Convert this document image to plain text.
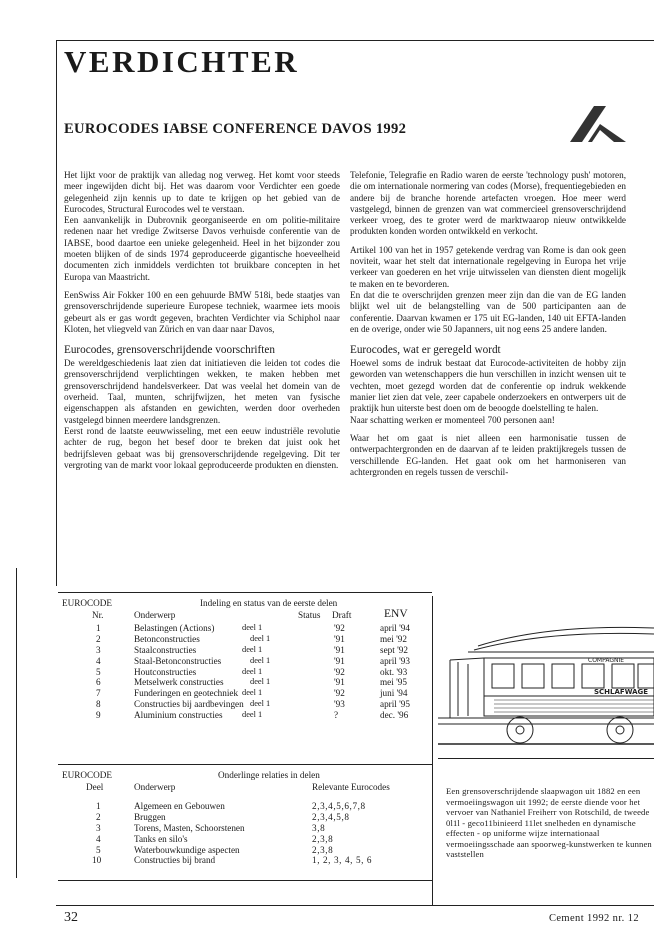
VERDICHTER
EUROCODES IABSE CONFERENCE DAVOS 1992

Het lijkt voor de praktijk van alledag nog verweg. Het komt voor steeds meer ingewijden dicht bij. Het was daarom voor Verdichter een goede gelegenheid zijn kennis up to date te krijgen op het gebied van de Eurocodes, Structural Eurocodes wel te verstaan.

Een aanvankelijk in Dubrovnik georganiseerde en om politie-militaire redenen naar het vredige Zwitserse Davos verhuisde conferentie van de IABSE, bood daartoe een unieke gelegenheid. Heel in het bijzonder zou moeten blijken of de sinds 1974 geproduceerde gigantische hoeveelheid documenten zich inmiddels verdichten tot bruikbare concepten in het Europa van Maastricht.

EenSwiss Air Fokker 100 en een gehuurde BMW 518i, bede staatjes van grensoverschrijdende superieure Europese techniek, waarmee iets moois gebeurt als er gas wordt gegeven, brachten Verdichter via Schiphol naar Kloten, het vliegveld van Zürich en van daar naar Davos,

Eurocodes, grensoverschrijdende voorschriften

De wereldgeschiedenis laat zien dat initiatieven die leiden tot codes die grensoverschrijdend verplichtingen wekken, te maken hebben met grensoverschrijdend handelsverkeer. Dat was veelal het domein van de overheid. Taal, munten, schrijfwijzen, het meten van fysische eigenschappen als afstanden en gewichten, werden door overheden vastgelegd binnen meerdere landsgrenzen.

Eerst rond de laatste eeuwwisseling, met een eeuw industriële revolutie achter de rug, begon het besef door te breken dat juist ook het bedrijfsleven gebaat was bij grensoverschrijdende regelgeving. Dit ter vergroting van de markt voor lokaal geproduceerde produkten en diensten.

Telefonie, Telegrafie en Radio waren de eerste 'technology push' motoren, die om internationale normering van codes (Morse), frequentiegebieden en andere bij de branche horende artefacten vroegen. Hoe meer werd vastgelegd, binnen de grenzen van wat commercieel grensoverschrijdend verkeer vroeg, des te groter werd de marktwaarop nieuw ontwikkelde produkten konden worden ontwikkeld en verkocht.

Artikel 100 van het in 1957 getekende verdrag van Rome is dan ook geen noviteit, waar het stelt dat internationale regelgeving in Europa het vrije verkeer van goederen en het vrije uitwisselen van diensten dient mogelijk te maken en te bevorderen.

En dat die te overschrijden grenzen meer zijn dan die van de EG landen blijkt wel uit de belangstelling van de 500 participanten aan de conferentie. Daarvan kwamen er 175 uit EG-landen, 140 uit EFTA-landen en de overige, onder wie 50 Japanners, uit nog eens 25 andere landen.

Eurocodes, wat er geregeld wordt

Hoewel soms de indruk bestaat dat Eurocode-activiteiten de hobby zijn geworden van wetenschappers die hun verschillen in inzicht wensen uit te vechten, moet gezegd worden dat de conferentie op indruk wekkende manier liet zien dat vele, zeer capabele onderzoekers en ontwerpers uit de praktijk hun uiterste best doen om de beoogde doelstelling te halen.

Naar schatting werken er momenteel 700 personen aan!

Waar het om gaat is niet alleen een harmonisatie tussen de ontwerpachtergronden en de daarvan af te leiden praktijkregels tussen de verschillende EG-landen. Het gaat ook om het harmoniseren van achtergronden en regels tussen de verschil-

EUROCODE	Indeling en status van de eerste delen
Nr.	Onderwerp	Status Draft	ENV
1	Belastingen (Actions)	deel 1	'92	april '94
2	Betonconstructies	deel 1	'91	mei '92
3	Staalconstructies	deel 1	'91	sept '92
4	Staal-Betonconstructies	deel 1	'91	april '93
5	Houtconstructies	deel 1	'92	okt. '93
6	Metselwerk constructies	deel 1	'91	mei '95
7	Funderingen en geotechniek deel 1	'92	juni '94
8	Constructies bij aardbevingen deel 1	'93	april '95
9	Aluminium constructies deel 1	?	dec. '96
EUROCODE	Onderlinge relaties in delen
Deel	Onderwerp	Relevante Eurocodes
1	Algemeen en Gebouwen	2,3,4,5,6,7,8
2	Bruggen	2,3,4,5,8
3	Torens, Masten, Schoorstenen	3,8
4	Tanks en silo's	2,3,8
5	Waterbouwkundige aspecten	2,3,8
10	Constructies bij brand	1, 2, 3, 4, 5, 6
COMPAGNIE
SCHLAFWAGE

Een grensoverschrijdende slaapwagon uit 1882 en een vermoeiingswagon uit 1992; de eerste diende voor het vervoer van Nathaniel Freiherr von Rotschild, de tweede 0l1l - geco11binieerd 11let snelheden en dynamische effecten - op uniforme wijze internationaal vermoeiingsschade aan spoorweg-kunstwerken te kunnen vaststellen

32	Cement 1992 nr. 12
